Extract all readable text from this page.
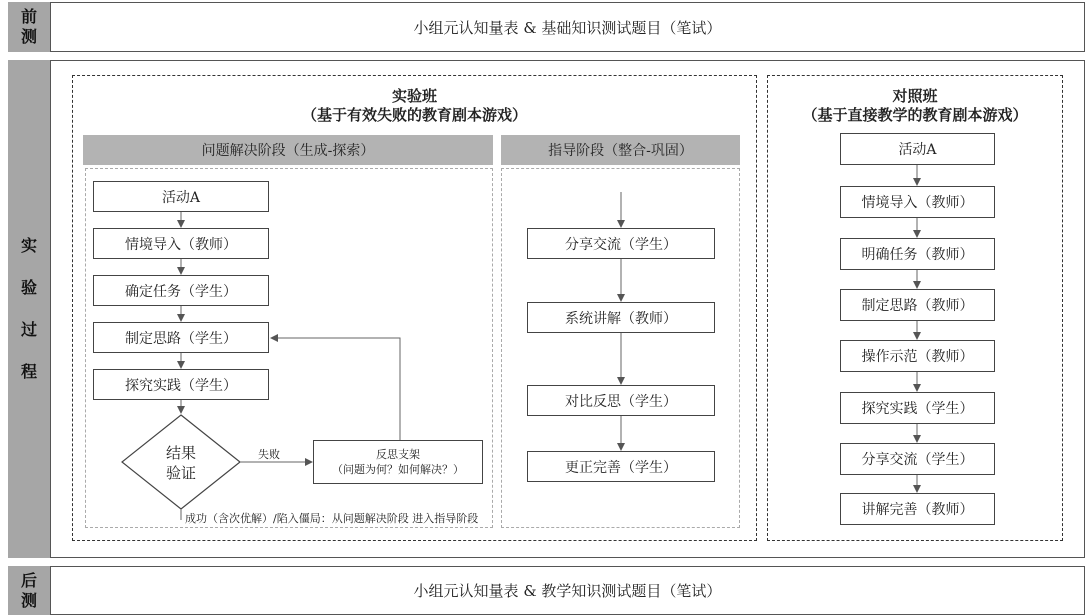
前
测	小组元认知量表 & 基础知识测试题目（笔试）
实
验
过
程
后
测	小组元认知量表 & 教学知识测试题目（笔试）
实验班
（基于有效失败的教育剧本游戏）
问题解决阶段（生成-探索）
活动A
情境导入（教师）
确定任务（学生）
制定思路（学生）
探究实践（学生）
反思支架
（问题为何？如何解决？）
指导阶段（整合-巩固）
分享交流（学生）
系统讲解（教师）
对比反思（学生）
更正完善（学生）
对照班
（基于直接教学的教育剧本游戏）
活动A
情境导入（教师）
明确任务（教师）
制定思路（教师）
操作示范（教师）
探究实践（学生）
分享交流（学生）
讲解完善（教师）
结果
验证
失败
成功（含次优解）/陷入僵局：从问题解决阶段 进入指导阶段
